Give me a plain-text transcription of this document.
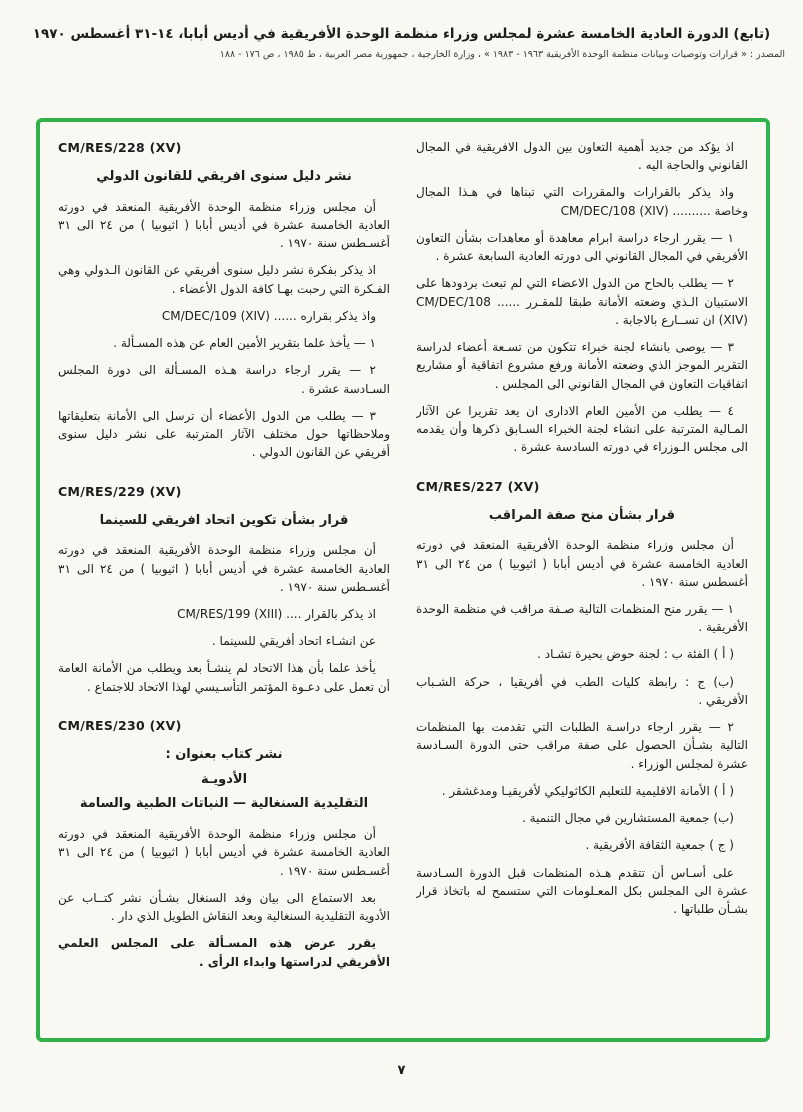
(تابع) الدورة العادية الخامسة عشرة لمجلس وزراء منظمة الوحدة الأفريقية في أديس أبابا، ١٤-٣١ أغسطس ١٩٧٠
المصدر : « قرارات وتوصيات وبيانات منظمة الوحدة الأفريقية ١٩٦٣ - ١٩٨٣ » ، وزارة الخارجية ، جمهورية مصر العربية ، ط ١٩٨٥ ، ص ١٧٦ - ١٨٨

اذ يؤكد من جديد أهمية التعاون بين الدول الافريقية في المجال القانوني والحاجة اليه .

واذ يذكر بالقرارات والمقررات التي تبناها في هـذا المجال وخاصة .......... CM/DEC/108 (XIV)

١ — يقرر ارجاء دراسة ابرام معاهدة أو معاهدات بشأن التعاون الأفريقي في المجال القانوني الى دورته العادية السابعة عشرة .

٢ — يطلب بالحاح من الدول الاعضاء التي لم تبعث بردودها على الاستبيان الـذي وضعته الأمانة طبقا للمقـرر ...... CM/DEC/108 (XIV) ان تســارع بالاجابة .

٣ — يوصى بانشاء لجنة خبراء تتكون من تسـعة أعضاء لدراسة التقرير الموجز الذي وضعته الأمانة ورفع مشروع اتفاقية أو مشاريع اتفاقيات التعاون في المجال القانوني الى المجلس .

٤ — يطلب من الأمين العام الادارى ان يعد تقريرا عن الآثار المـالية المترتبة على انشاء لجنة الخبراء السـابق ذكرها وأن يقدمه الى مجلس الـوزراء في دورته السادسة عشرة .

CM/RES/227 (XV)

قرار بشأن منح صفة المراقب

أن مجلس وزراء منظمة الوحدة الأفريقية المنعقد في دورته العادية الخامسة عشرة في أديس أبابا ( اثيوبيا ) من ٢٤ الى ٣١ أغسطس سنة ١٩٧٠ .

١ — يقرر منح المنظمات التالية صـفة مراقب في منظمة الوحدة الأفريقية .

( أ ) الفئة ب : لجنة حوض بحيرة تشـاد .

(ب) ج : رابطة كليات الطب في أفريقيا ، حركة الشـباب الأفريقي .

٢ — يقرر ارجاء دراسـة الطلبات التي تقدمت بها المنظمات التالية بشـأن الحصول على صفة مراقب حتى الدورة السـادسة عشرة لمجلس الوزراء .

( أ ) الأمانة الاقليمية للتعليم الكاثوليكي لأفريقيـا ومدغشقر .

(ب) جمعية المستشارين في مجال التنمية .

( ج ) جمعية الثقافة الأفريقية .

على أسـاس أن تتقدم هـذه المنظمات قبل الدورة السـادسة عشرة الى المجلس بكل المعـلومات التي ستسمح له باتخاذ قرار بشـأن طلباتها .

CM/RES/228 (XV)

نشر دليل سنوى افريقي للقانون الدولي

أن مجلس وزراء منظمة الوحدة الأفريقية المنعقد في دورته العادية الخامسة عشرة في أديس أبابا ( اثيوبيا ) من ٢٤ الى ٣١ أغسـطس سنة ١٩٧٠ .

اذ يذكر بفكرة نشر دليل سنوى أفريقي عن القانون الـدولي وهي الفـكرة التي رحبت بهـا كافة الدول الأعضاء .

واذ يذكر بقراره ...... CM/DEC/109 (XIV)

١ — يأخذ علما بتقرير الأمين العام عن هذه المسـألة .

٢ — يقرر ارجاء دراسة هـذه المسـألة الى دورة المجلس السـادسة عشرة .

٣ — يطلب من الدول الأعضاء أن ترسل الى الأمانة بتعليقاتها وملاحظاتها حول مختلف الآثار المترتبة على نشر دليل سنوى أفريقي عن القانون الدولي .

CM/RES/229 (XV)

قرار بشأن تكوين اتحاد افريقي للسينما

أن مجلس وزراء منظمة الوحدة الأفريقية المنعقد في دورته العادية الخامسة عشرة في أديس أبابا ( اثيوبيا ) من ٢٤ الى ٣١ أغسـطس سنة ١٩٧٠ .

اذ يذكر بالقرار .... CM/RES/199 (XIII)

عن انشـاء اتحاد أفريقي للسينما .

يأخذ علما بأن هذا الاتحاد لم ينشـأ بعد ويطلب من الأمانة العامة أن تعمل على دعـوة المؤتمر التأسـيسي لهذا الاتحاد للاجتماع .

CM/RES/230 (XV)

نشر كتاب بعنوان :
الأدويـة
التقليدية السنغالية — النباتات الطبية والسامة

أن مجلس وزراء منظمة الوحدة الأفريقية المنعقد في دورته العادية الخامسة عشرة في أديس أبابا ( اثيوبيا ) من ٢٤ الى ٣١ أغسـطس سنة ١٩٧٠ .

بعد الاستماع الى بيان وفد السنغال بشـأن نشر كتــاب عن الأدوية التقليدية السنغالية وبعد النقاش الطويل الذي دار .

يقرر عرض هذه المسـألة على المجلس العلمي الأفريقي لدراستها وابداء الرأى .

٧
